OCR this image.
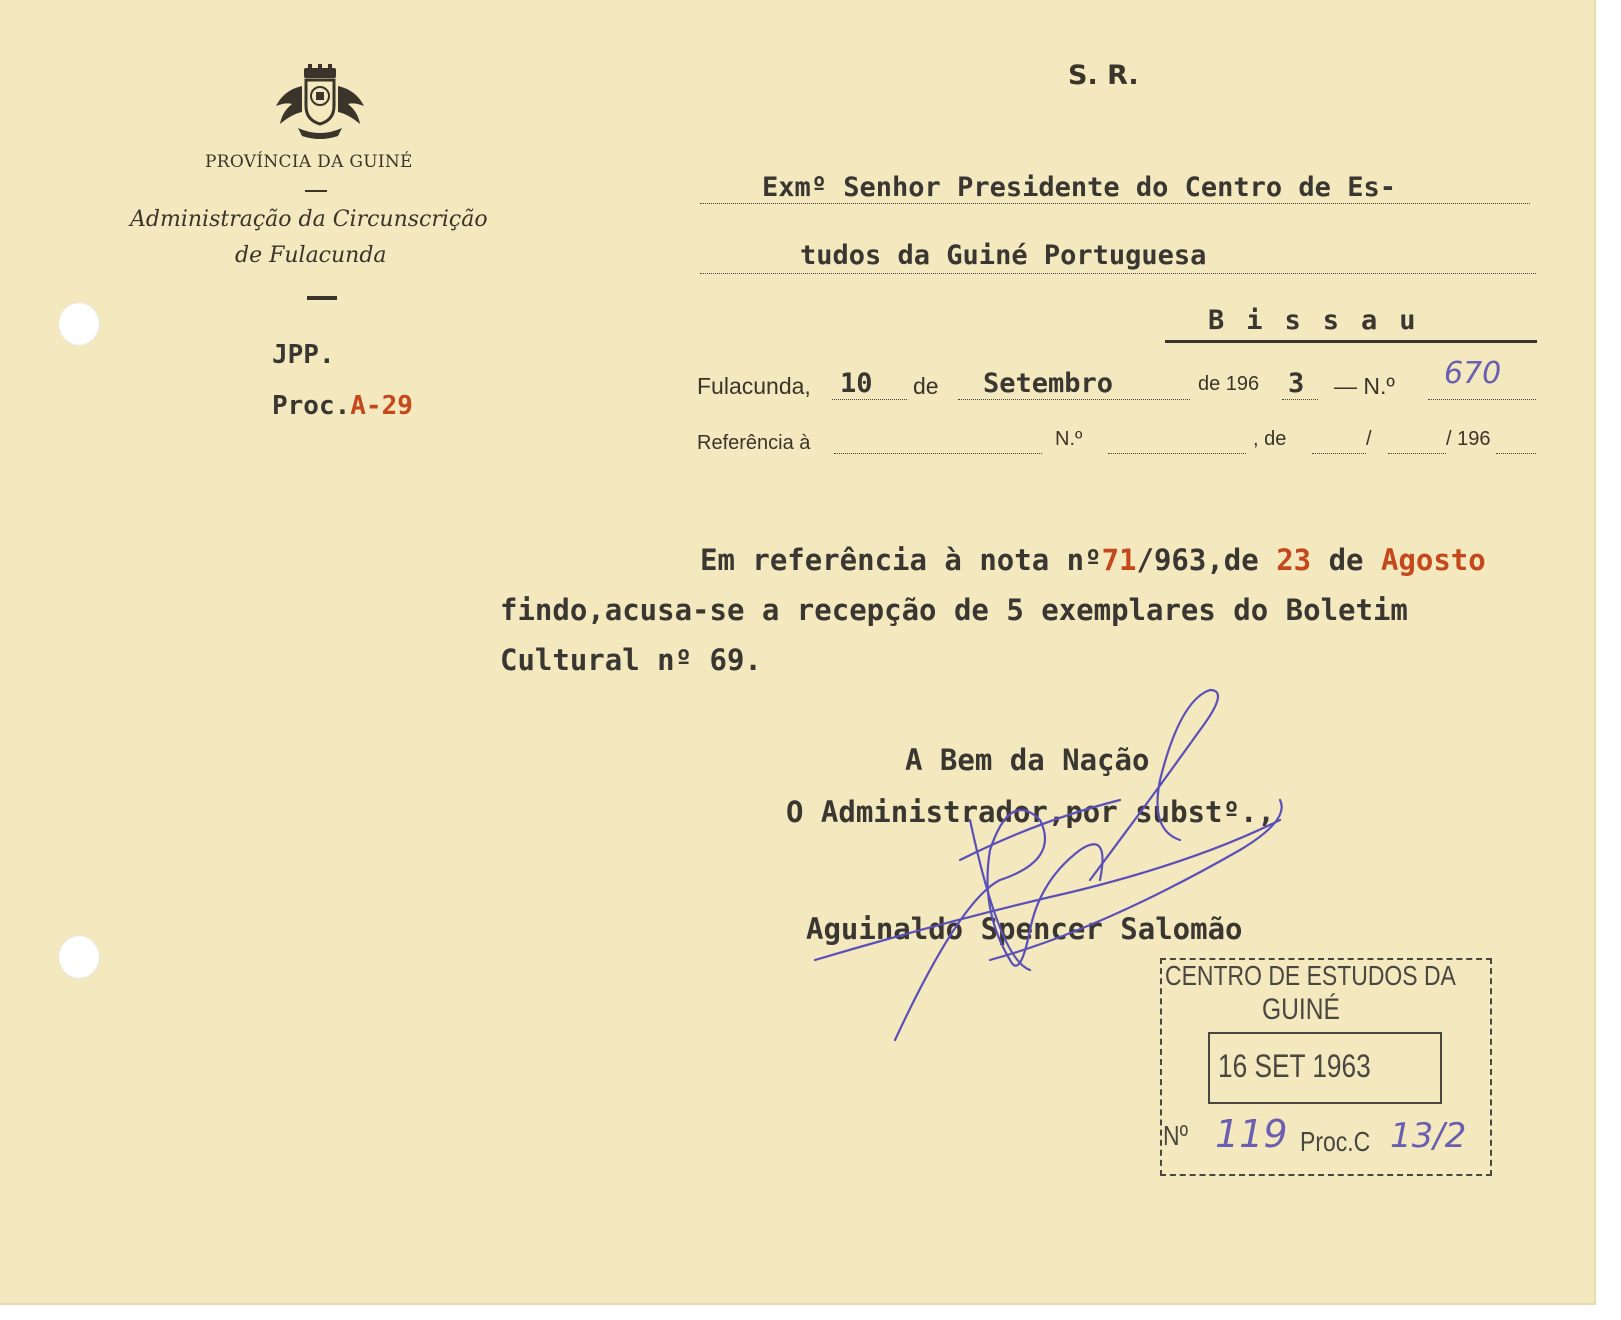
PROVÍNCIA DA GUINÉ
Administração da Circunscrição
de Fulacunda
JPP.
Proc.A-29
S. R.
Exmº Senhor Presidente do Centro de Es-
tudos da Guiné Portuguesa
Bissau
Fulacunda, 10 de Setembro	de 196 3 — N.º 670
Referência à	N.º	, de	/	/ 196
Em referência à nota nº71/963,de 23 de Agosto
findo,acusa-se a recepção de 5 exemplares do Boletim
Cultural nº 69.
A Bem da Nação
O Administrador,por substº.,
Aguinaldo Spencer Salomão
CENTRO DE ESTUDOS DA
GUINÉ
16 SET 1963
Nº 119 Proc.C 13/2
